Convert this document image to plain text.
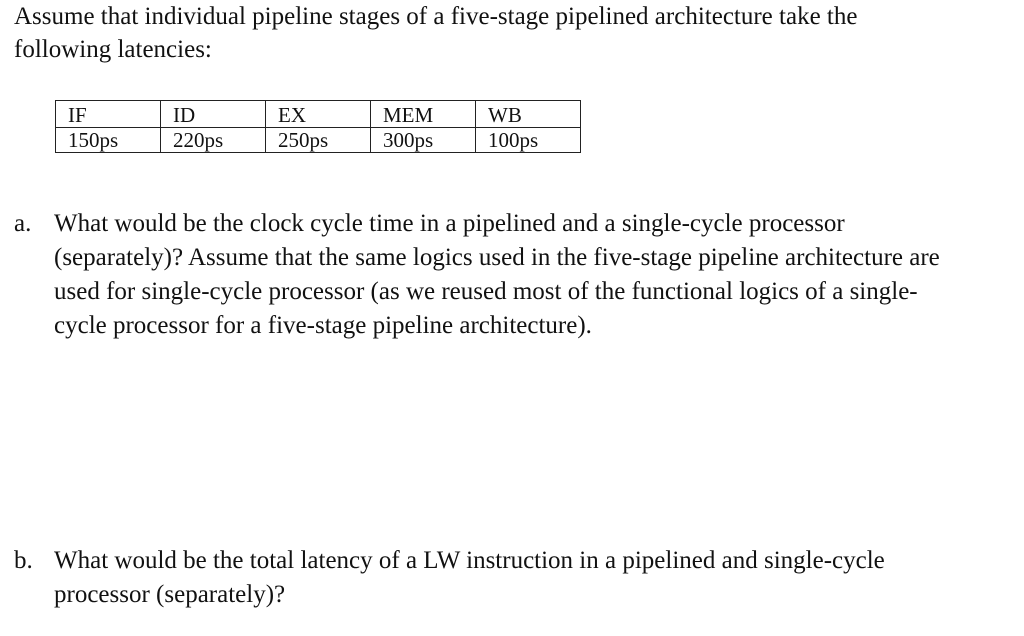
Assume that individual pipeline stages of a five-stage pipelined architecture take the
following latencies:
IF	ID	EX	MEM	WB
150ps	220ps	250ps	300ps	100ps
a. What would be the clock cycle time in a pipelined and a single-cycle processor
(separately)? Assume that the same logics used in the five-stage pipeline architecture are
used for single-cycle processor (as we reused most of the functional logics of a single-
cycle processor for a five-stage pipeline architecture).
b. What would be the total latency of a LW instruction in a pipelined and single-cycle
processor (separately)?
